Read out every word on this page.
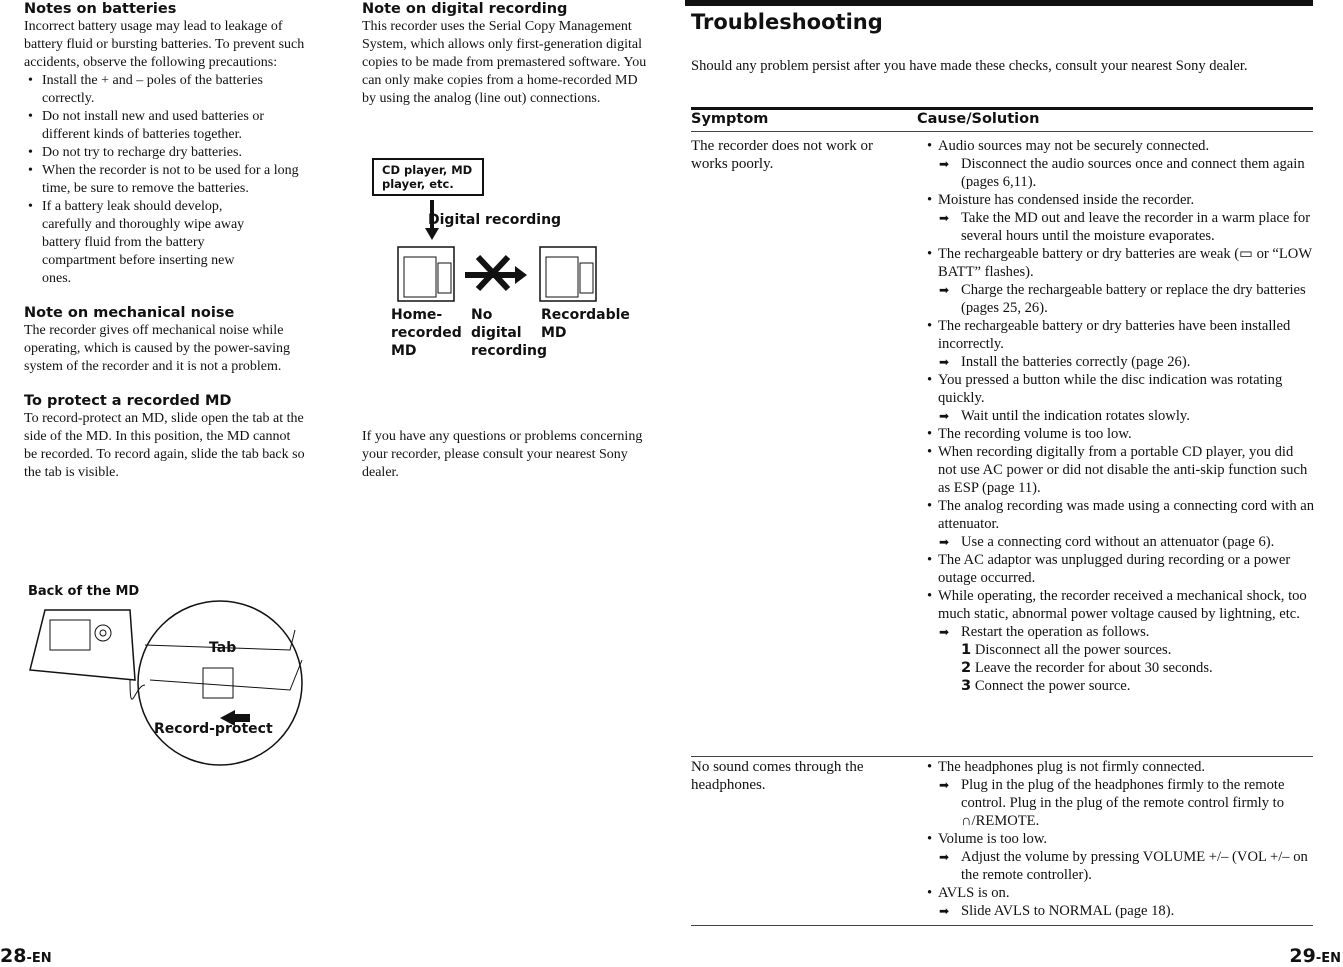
Notes on batteries
Incorrect battery usage may lead to leakage of battery fluid or bursting batteries. To prevent such accidents, observe the following precautions:
• Install the + and – poles of the batteries correctly.
• Do not install new and used batteries or different kinds of batteries together.
• Do not try to recharge dry batteries.
• When the recorder is not to be used for a long time, be sure to remove the batteries.
• If a battery leak should develop, carefully and thoroughly wipe away battery fluid from the battery compartment before inserting new ones.
Note on mechanical noise
The recorder gives off mechanical noise while operating, which is caused by the power-saving system of the recorder and it is not a problem.
To protect a recorded MD
To record-protect an MD, slide open the tab at the side of the MD. In this position, the MD cannot be recorded. To record again, slide the tab back so the tab is visible.
Back of the MD
Tab
Record-protect
Note on digital recording
This recorder uses the Serial Copy Management System, which allows only first-generation digital copies to be made from premastered software. You can only make copies from a home-recorded MD by using the analog (line out) connections.
CD player, MD player, etc.
Digital recording
Home- recorded MD
No digital recording
Recordable MD
If you have any questions or problems concerning your recorder, please consult your nearest Sony dealer.
Troubleshooting
Should any problem persist after you have made these checks, consult your nearest Sony dealer.
Symptom	Cause/Solution
The recorder does not work or works poorly.
• Audio sources may not be securely connected.
➡ Disconnect the audio sources once and connect them again (pages 6,11).
• Moisture has condensed inside the recorder.
➡ Take the MD out and leave the recorder in a warm place for several hours until the moisture evaporates.
• The rechargeable battery or dry batteries are weak (▭ or “LOW BATT” flashes).
➡ Charge the rechargeable battery or replace the dry batteries (pages 25, 26).
• The rechargeable battery or dry batteries have been installed incorrectly.
➡ Install the batteries correctly (page 26).
• You pressed a button while the disc indication was rotating quickly.
➡ Wait until the indication rotates slowly.
• The recording volume is too low.
• When recording digitally from a portable CD player, you did not use AC power or did not disable the anti-skip function such as ESP (page 11).
• The analog recording was made using a connecting cord with an attenuator.
➡ Use a connecting cord without an attenuator (page 6).
• The AC adaptor was unplugged during recording or a power outage occurred.
• While operating, the recorder received a mechanical shock, too much static, abnormal power voltage caused by lightning, etc.
➡ Restart the operation as follows.
1 Disconnect all the power sources.
2 Leave the recorder for about 30 seconds.
3 Connect the power source.
No sound comes through the headphones.
• The headphones plug is not firmly connected.
➡ Plug in the plug of the headphones firmly to the remote control. Plug in the plug of the remote control firmly to ∩/REMOTE.
• Volume is too low.
➡ Adjust the volume by pressing VOLUME +/– (VOL +/– on the remote controller).
• AVLS is on.
➡ Slide AVLS to NORMAL (page 18).
28-EN	29-EN
